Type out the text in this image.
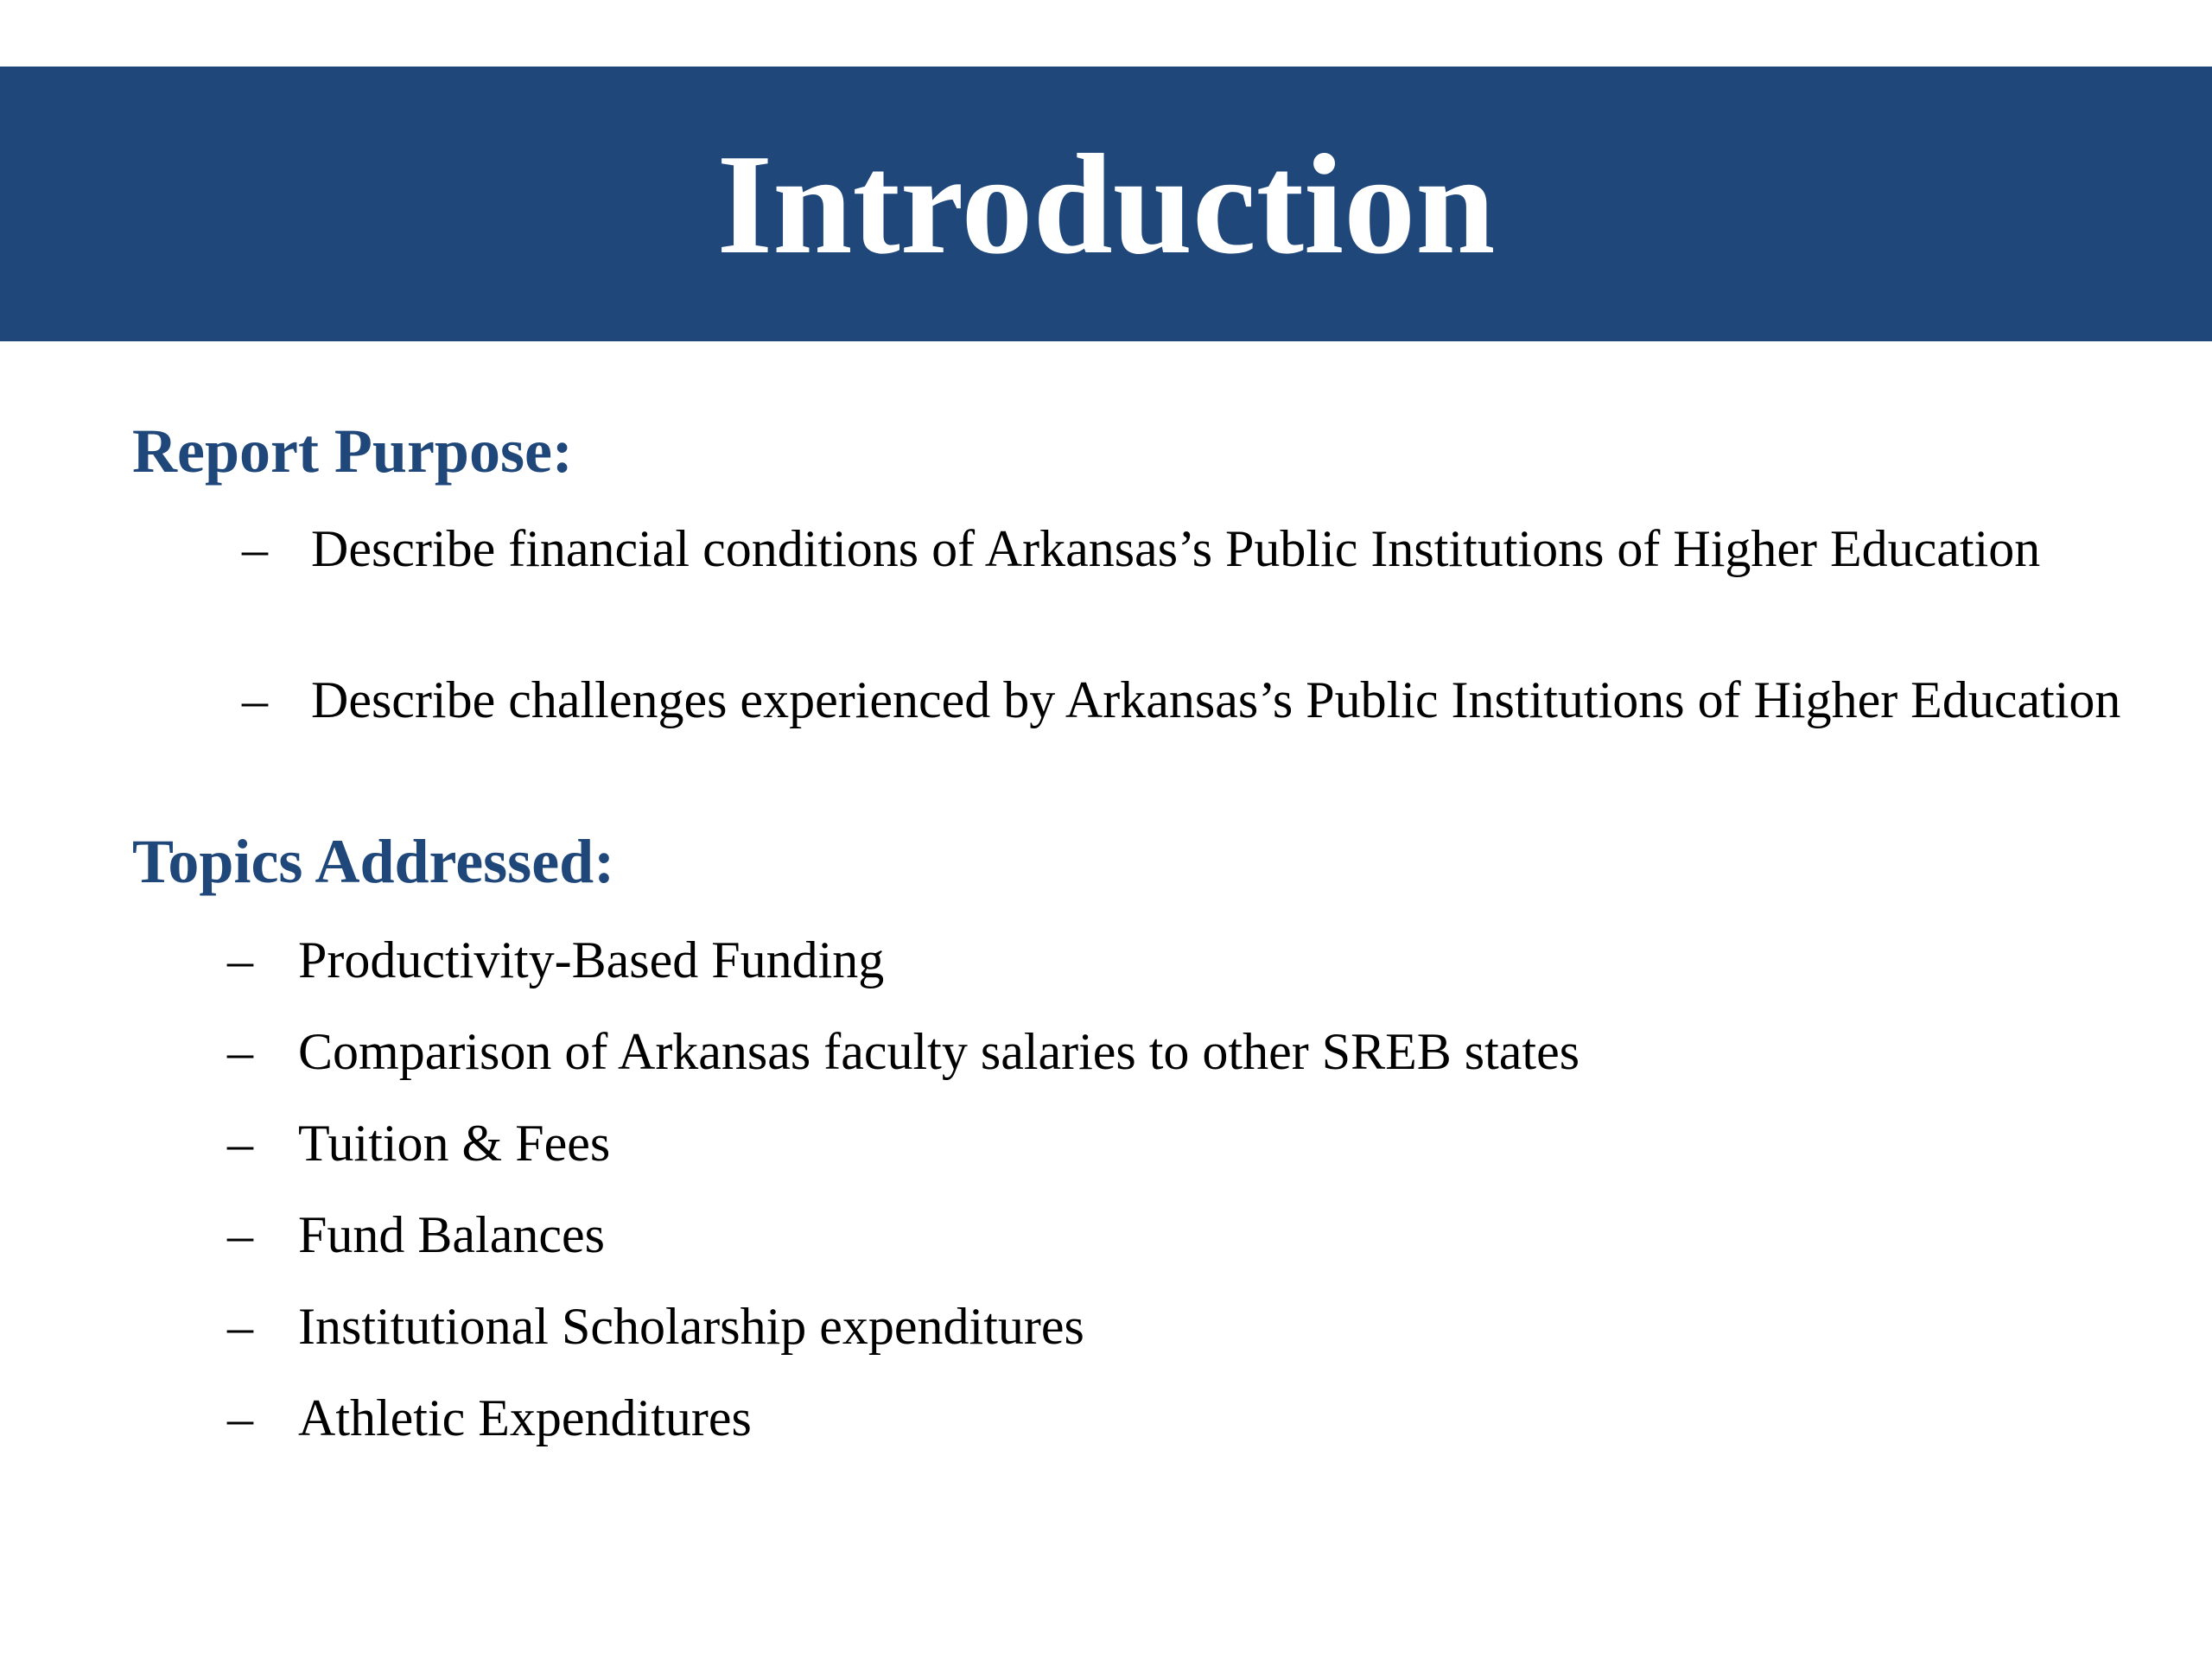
Introduction
Report Purpose:
– Describe financial conditions of Arkansas’s Public Institutions of Higher Education
– Describe challenges experienced by Arkansas’s Public Institutions of Higher Education
Topics Addressed:
– Productivity-Based Funding
– Comparison of Arkansas faculty salaries to other SREB states
– Tuition & Fees
– Fund Balances
– Institutional Scholarship expenditures
– Athletic Expenditures
